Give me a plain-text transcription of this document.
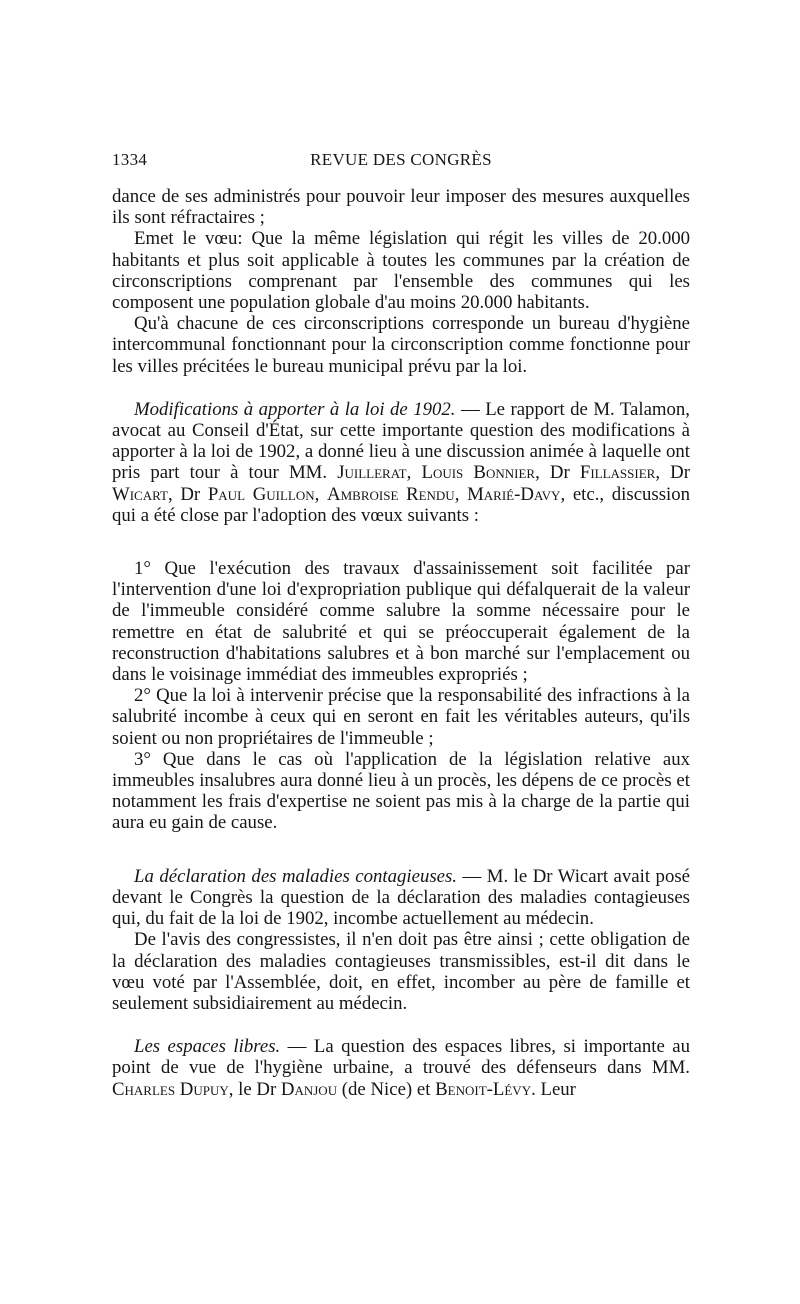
1334	REVUE DES CONGRÈS

dance de ses administrés pour pouvoir leur imposer des mesures auxquelles ils sont réfractaires ;

Emet le vœu: Que la même législation qui régit les villes de 20.000 habitants et plus soit applicable à toutes les communes par la création de circonscriptions comprenant par l'ensemble des communes qui les composent une population globale d'au moins 20.000 habitants.

Qu'à chacune de ces circonscriptions corresponde un bureau d'hygiène intercommunal fonctionnant pour la circonscription comme fonctionne pour les villes précitées le bureau municipal prévu par la loi.

Modifications à apporter à la loi de 1902. — Le rapport de M. Talamon, avocat au Conseil d'État, sur cette importante question des modifications à apporter à la loi de 1902, a donné lieu à une discussion animée à laquelle ont pris part tour à tour MM. Juillerat, Louis Bonnier, Dr Fillassier, Dr Wicart, Dr Paul Guillon, Ambroise Rendu, Marié-Davy, etc., discussion qui a été close par l'adoption des vœux suivants :

1° Que l'exécution des travaux d'assainissement soit facilitée par l'intervention d'une loi d'expropriation publique qui défalquerait de la valeur de l'immeuble considéré comme salubre la somme nécessaire pour le remettre en état de salubrité et qui se préoccuperait également de la reconstruction d'habitations salubres et à bon marché sur l'emplacement ou dans le voisinage immédiat des immeubles expropriés ;

2° Que la loi à intervenir précise que la responsabilité des infractions à la salubrité incombe à ceux qui en seront en fait les véritables auteurs, qu'ils soient ou non propriétaires de l'immeuble ;

3° Que dans le cas où l'application de la législation relative aux immeubles insalubres aura donné lieu à un procès, les dépens de ce procès et notamment les frais d'expertise ne soient pas mis à la charge de la partie qui aura eu gain de cause.

La déclaration des maladies contagieuses. — M. le Dr Wicart avait posé devant le Congrès la question de la déclaration des maladies contagieuses qui, du fait de la loi de 1902, incombe actuellement au médecin.

De l'avis des congressistes, il n'en doit pas être ainsi ; cette obligation de la déclaration des maladies contagieuses transmissibles, est-il dit dans le vœu voté par l'Assemblée, doit, en effet, incomber au père de famille et seulement subsidiairement au médecin.

Les espaces libres. — La question des espaces libres, si importante au point de vue de l'hygiène urbaine, a trouvé des défenseurs dans MM. Charles Dupuy, le Dr Danjou (de Nice) et Benoit-Lévy. Leur
